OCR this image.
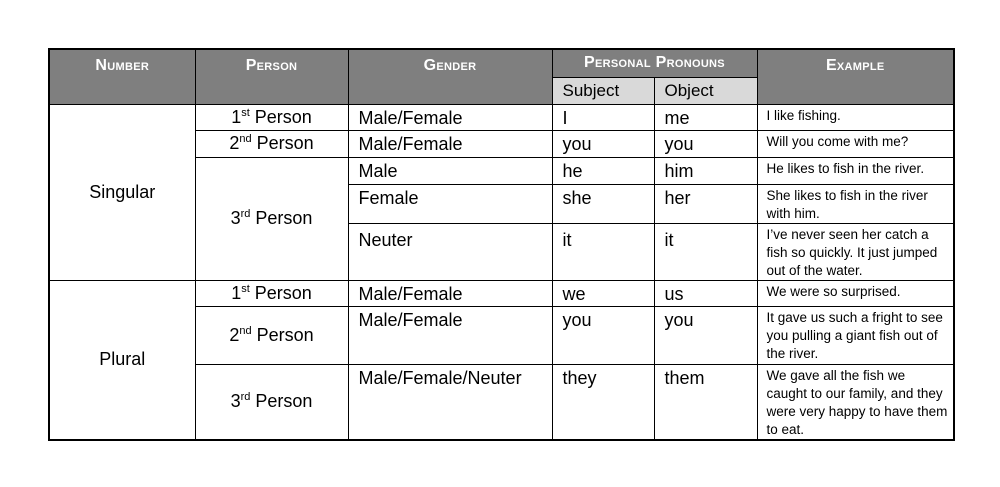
Number	Person	Gender	Personal Pronouns		Example
			Subject	Object	
Singular	1st Person	Male/Female	I	me	I like fishing.
	2nd Person	Male/Female	you	you	Will you come with me?
	3rd Person	Male	he	him	He likes to fish in the river.
		Female	she	her	She likes to fish in the river with him.
		Neuter	it	it	I’ve never seen her catch a fish so quickly. It just jumped out of the water.
Plural	1st Person	Male/Female	we	us	We were so surprised.
	2nd Person	Male/Female	you	you	It gave us such a fright to see you pulling a giant fish out of the river.
	3rd Person	Male/Female/Neuter	they	them	We gave all the fish we caught to our family, and they were very happy to have them to eat.
